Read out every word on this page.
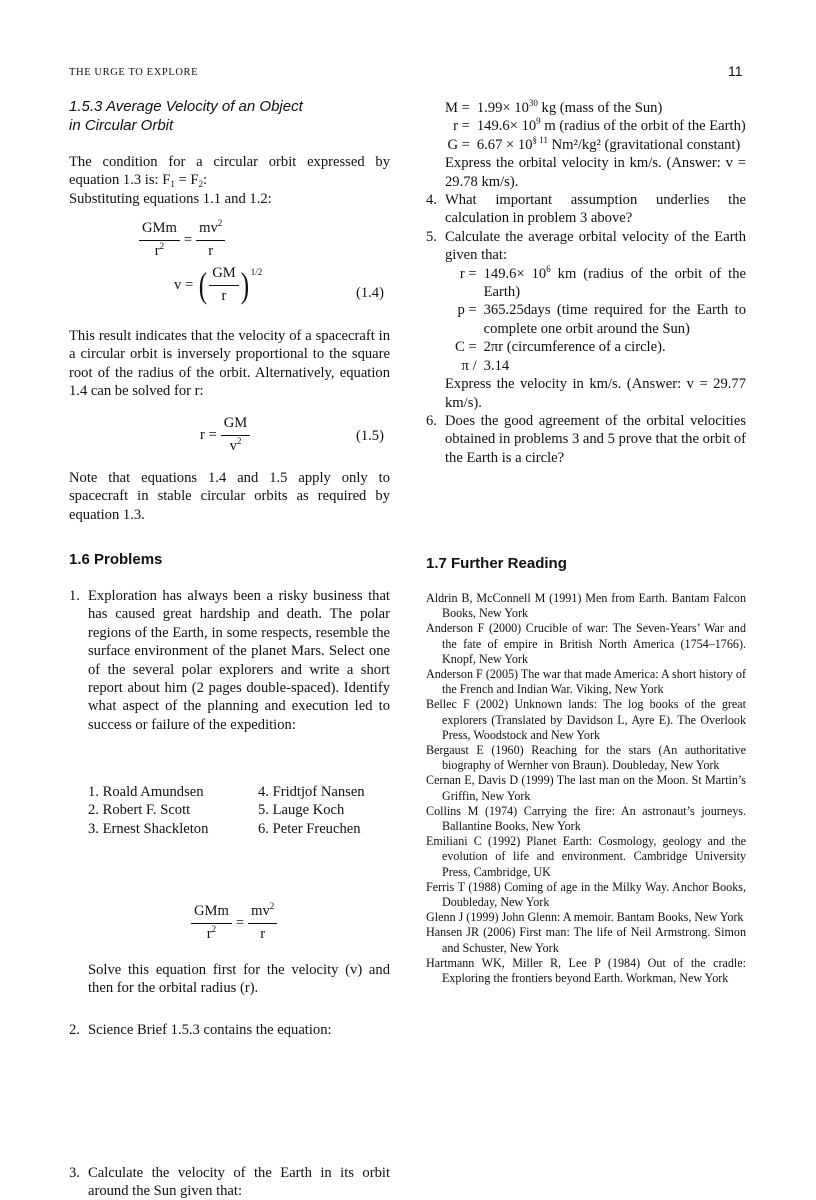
THE URGE TO EXPLORE	11
1.5.3 Average Velocity of an Object
in Circular Orbit
The condition for a circular orbit expressed by equation 1.3 is: $F_1 = F_2$:
Substituting equations 1.1 and 1.2:
$\frac{\text{GMm}}{r^2} = \frac{mv^2}{r}$
v = ( $\frac{GM}{r}$ ) 1/2
(1.4)
This result indicates that the velocity of a spacecraft in a circular orbit is inversely proportional to the square root of the radius of the orbit. Alternatively, equation 1.4 can be solved for r:
$r = \frac{GM}{v^2}$	(1.5)
Note that equations 1.4 and 1.5 apply only to spacecraft in stable circular orbits as required by equation 1.3.
1.6 Problems
1. Exploration has always been a risky business that has caused great hardship and death. The polar regions of the Earth, in some respects, resemble the surface environment of the planet Mars. Select one of the several polar explorers and write a short report about him (2 pages double-spaced). Identify what aspect of the planning and execution led to success or failure of the expedition:
1. Roald Amundsen	4. Fridtjof Nansen
2. Robert F. Scott	5. Lauge Koch
3. Ernest Shackleton	6. Peter Freuchen
2. Science Brief 1.5.3 contains the equation:
$\frac{\text{GMm}}{r^2} = \frac{mv^2}{r}$
Solve this equation first for the velocity (v) and then for the orbital radius (r).
3. Calculate the velocity of the Earth in its orbit around the Sun given that:
$M = 1.99\times 10^{30}$ kg (mass of the Sun)
$r = 149.6\times 10^9$ m (radius of the orbit of the Earth)
$G = 6.67 \times 10^{\S 11}$ Nm²/kg² (gravitational constant)
Express the orbital velocity in km/s. (Answer: v = 29.78 km/s).
4. What important assumption underlies the calculation in problem 3 above?
5. Calculate the average orbital velocity of the Earth given that:
$r = 149.6\times 10^6$ km (radius of the orbit of the Earth)
p = 365.25days (time required for the Earth to complete one orbit around the Sun)
C = 2πr (circumference of a circle).
π / 3.14
Express the velocity in km/s. (Answer: v = 29.77 km/s).
6. Does the good agreement of the orbital velocities obtained in problems 3 and 5 prove that the orbit of the Earth is a circle?
1.7 Further Reading
Aldrin B, McConnell M (1991) Men from Earth. Bantam Falcon Books, New York
Anderson F (2000) Crucible of war: The Seven-Years’ War and the fate of empire in British North America (1754–1766). Knopf, New York
Anderson F (2005) The war that made America: A short history of the French and Indian War. Viking, New York
Bellec F (2002) Unknown lands: The log books of the great explorers (Translated by Davidson L, Ayre E). The Overlook Press, Woodstock and New York
Bergaust E (1960) Reaching for the stars (An authoritative biography of Wernher von Braun). Doubleday, New York
Cernan E, Davis D (1999) The last man on the Moon. St Martin’s Griffin, New York
Collins M (1974) Carrying the fire: An astronaut’s journeys. Ballantine Books, New York
Emiliani C (1992) Planet Earth: Cosmology, geology and the evolution of life and environment. Cambridge University Press, Cambridge, UK
Ferris T (1988) Coming of age in the Milky Way. Anchor Books, Doubleday, New York
Glenn J (1999) John Glenn: A memoir. Bantam Books, New York
Hansen JR (2006) First man: The life of Neil Armstrong. Simon and Schuster, New York
Hartmann WK, Miller R, Lee P (1984) Out of the cradle: Exploring the frontiers beyond Earth. Workman, New York
